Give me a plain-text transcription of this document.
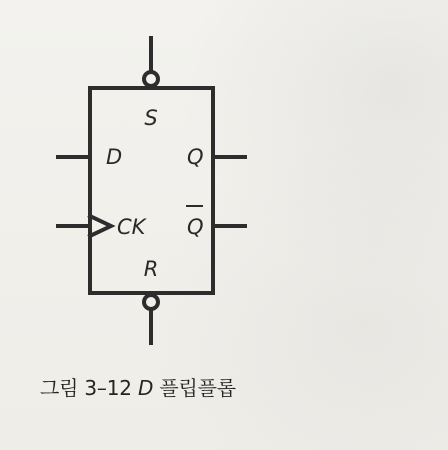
S
D	Q
CK Q
R
그림 3–12 D 플립플롭
